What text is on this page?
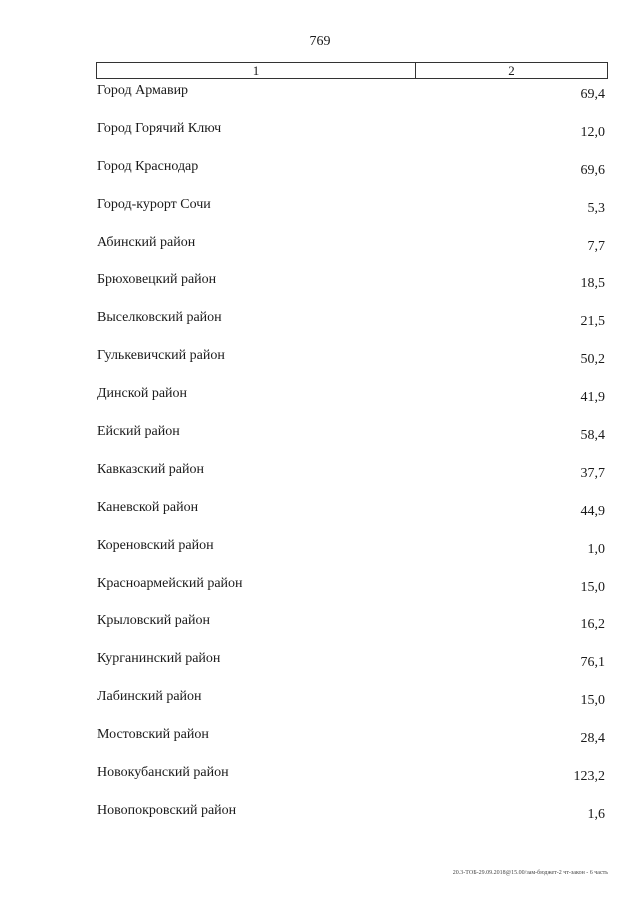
769
1	2
Город Армавир	69,4
Город Горячий Ключ	12,0
Город Краснодар	69,6
Город-курорт Сочи	5,3
Абинский район	7,7
Брюховецкий район	18,5
Выселковский район	21,5
Гулькевичский район	50,2
Динской район	41,9
Ейский район	58,4
Кавказский район	37,7
Каневской район	44,9
Кореновский район	1,0
Красноармейский район	15,0
Крыловский район	16,2
Курганинский район	76,1
Лабинский район	15,0
Мостовский район	28,4
Новокубанский район	123,2
Новопокровский район	1,6
20.3-ТОБ-29.09.2018@15.00/зам-бюджет-2 чт-закон - 6 часть
